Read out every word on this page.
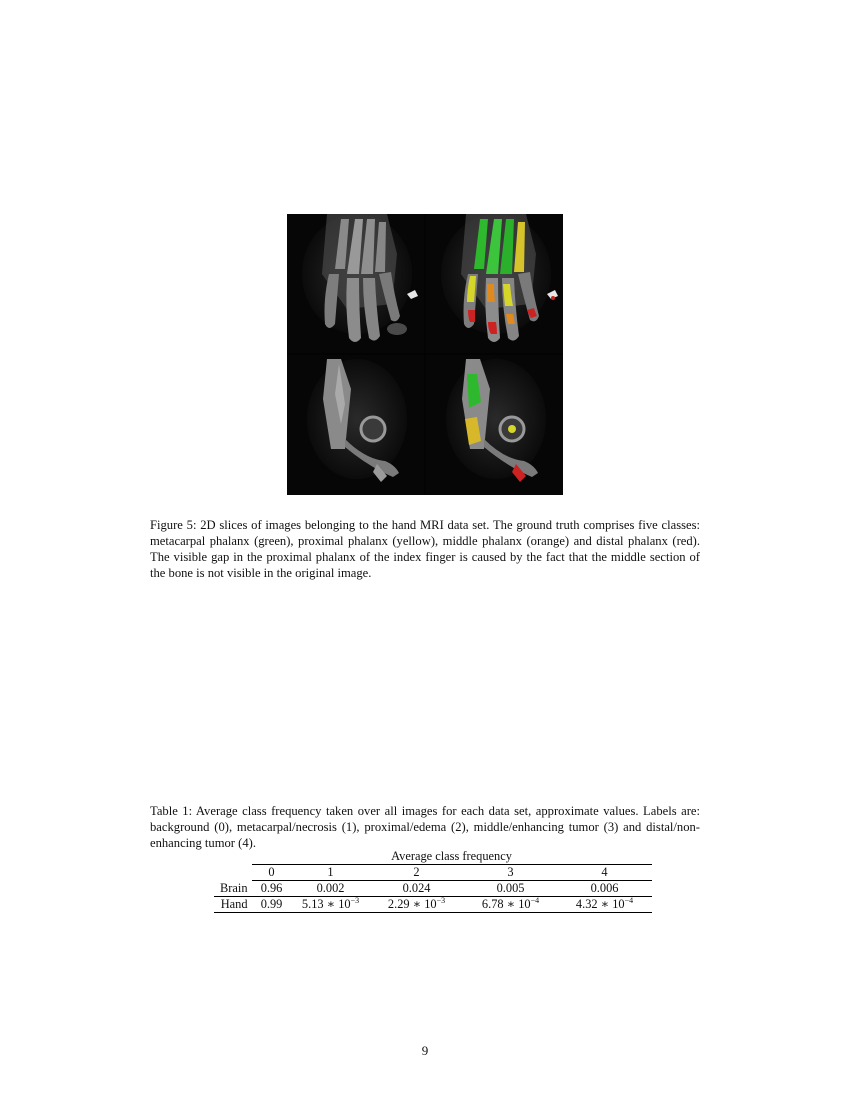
Figure 5: 2D slices of images belonging to the hand MRI data set. The ground truth comprises five classes: metacarpal phalanx (green), proximal phalanx (yellow), middle phalanx (orange) and distal phalanx (red). The visible gap in the proximal phalanx of the index finger is caused by the fact that the middle section of the bone is not visible in the original image.

Table 1: Average class frequency taken over all images for each data set, approximate values. Labels are: background (0), metacarpal/necrosis (1), proximal/edema (2), middle/enhancing tumor (3) and distal/non-enhancing tumor (4).

	Average class frequency				
	0	1	2	3	4
Brain	0.96	0.002	0.024	0.005	0.006
Hand	0.99	5.13 ∗ $10^{-3}$	2.29 ∗ $10^{-3}$	6.78 ∗ $10^{-4}$	4.32 ∗ $10^{-4}$
9
